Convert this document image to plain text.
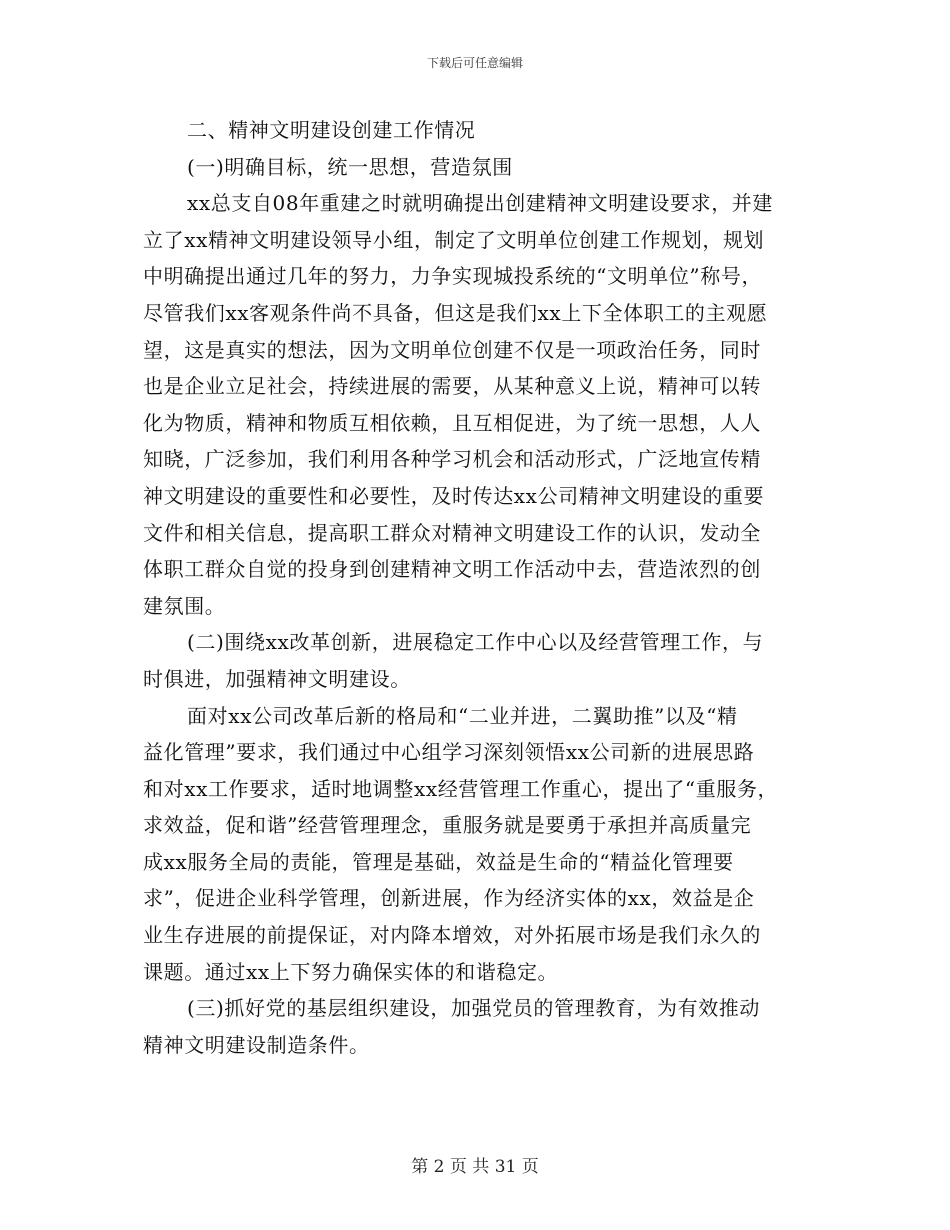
下载后可任意编辑
二、精神文明建设创建工作情况
(一)明确目标，统一思想，营造氛围
xx总支自08年重建之时就明确提出创建精神文明建设要求，并建
立了xx精神文明建设领导小组，制定了文明单位创建工作规划，规划
中明确提出通过几年的努力，力争实现城投系统的“文明单位”称号，
尽管我们xx客观条件尚不具备，但这是我们xx上下全体职工的主观愿
望，这是真实的想法，因为文明单位创建不仅是一项政治任务，同时
也是企业立足社会，持续进展的需要，从某种意义上说，精神可以转
化为物质，精神和物质互相依赖，且互相促进，为了统一思想，人人
知晓，广泛参加，我们利用各种学习机会和活动形式，广泛地宣传精
神文明建设的重要性和必要性，及时传达xx公司精神文明建设的重要
文件和相关信息，提高职工群众对精神文明建设工作的认识，发动全
体职工群众自觉的投身到创建精神文明工作活动中去，营造浓烈的创
建氛围。
(二)围绕xx改革创新，进展稳定工作中心以及经营管理工作，与
时俱进，加强精神文明建设。
面对xx公司改革后新的格局和“二业并进，二翼助推”以及“精
益化管理”要求，我们通过中心组学习深刻领悟xx公司新的进展思路
和对xx工作要求，适时地调整xx经营管理工作重心，提出了“重服务，
求效益，促和谐”经营管理理念，重服务就是要勇于承担并高质量完
成xx服务全局的责能，管理是基础，效益是生命的“精益化管理要
求”，促进企业科学管理，创新进展，作为经济实体的xx，效益是企
业生存进展的前提保证，对内降本增效，对外拓展市场是我们永久的
课题。通过xx上下努力确保实体的和谐稳定。
(三)抓好党的基层组织建设，加强党员的管理教育，为有效推动
精神文明建设制造条件。
第 2 页 共 31 页
